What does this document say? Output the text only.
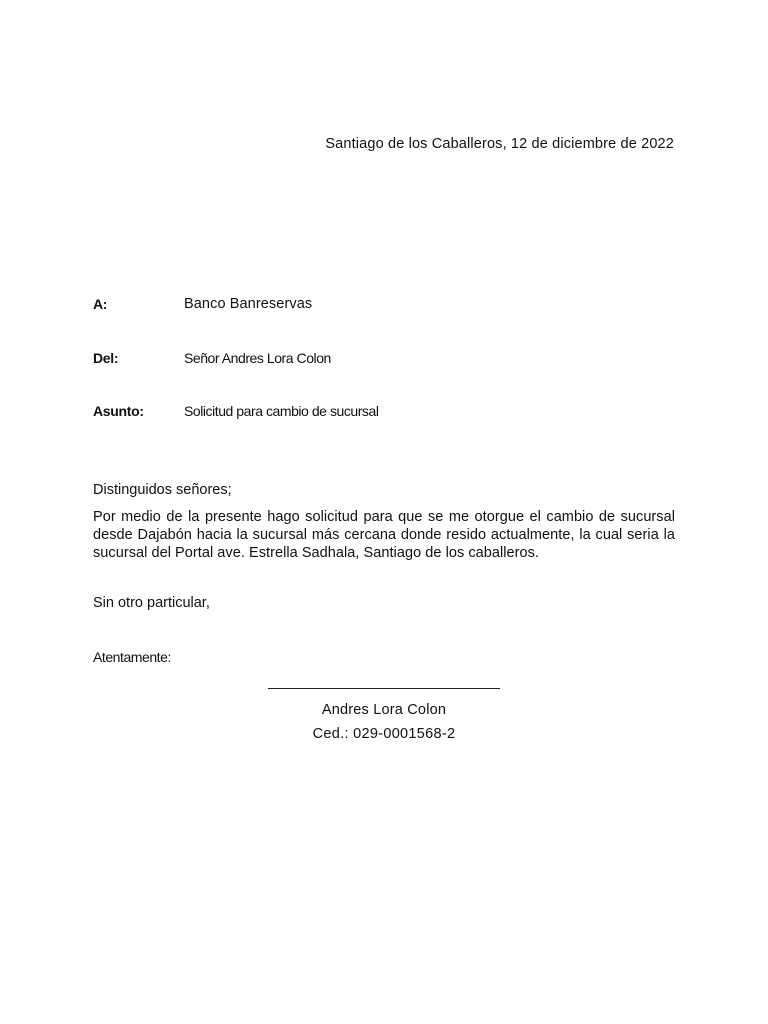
Santiago de los Caballeros, 12 de diciembre de 2022
A:	Banco Banreservas
Del:	Señor Andres Lora Colon
Asunto:	Solicitud para cambio de sucursal
Distinguidos señores;
Por medio de la presente hago solicitud para que se me otorgue el cambio de sucursal desde Dajabón hacia la sucursal más cercana donde resido actualmente, la cual seria la sucursal del Portal ave. Estrella Sadhala, Santiago de los caballeros.
Sin otro particular,
Atentamente:
Andres Lora Colon
Ced.: 029-0001568-2
